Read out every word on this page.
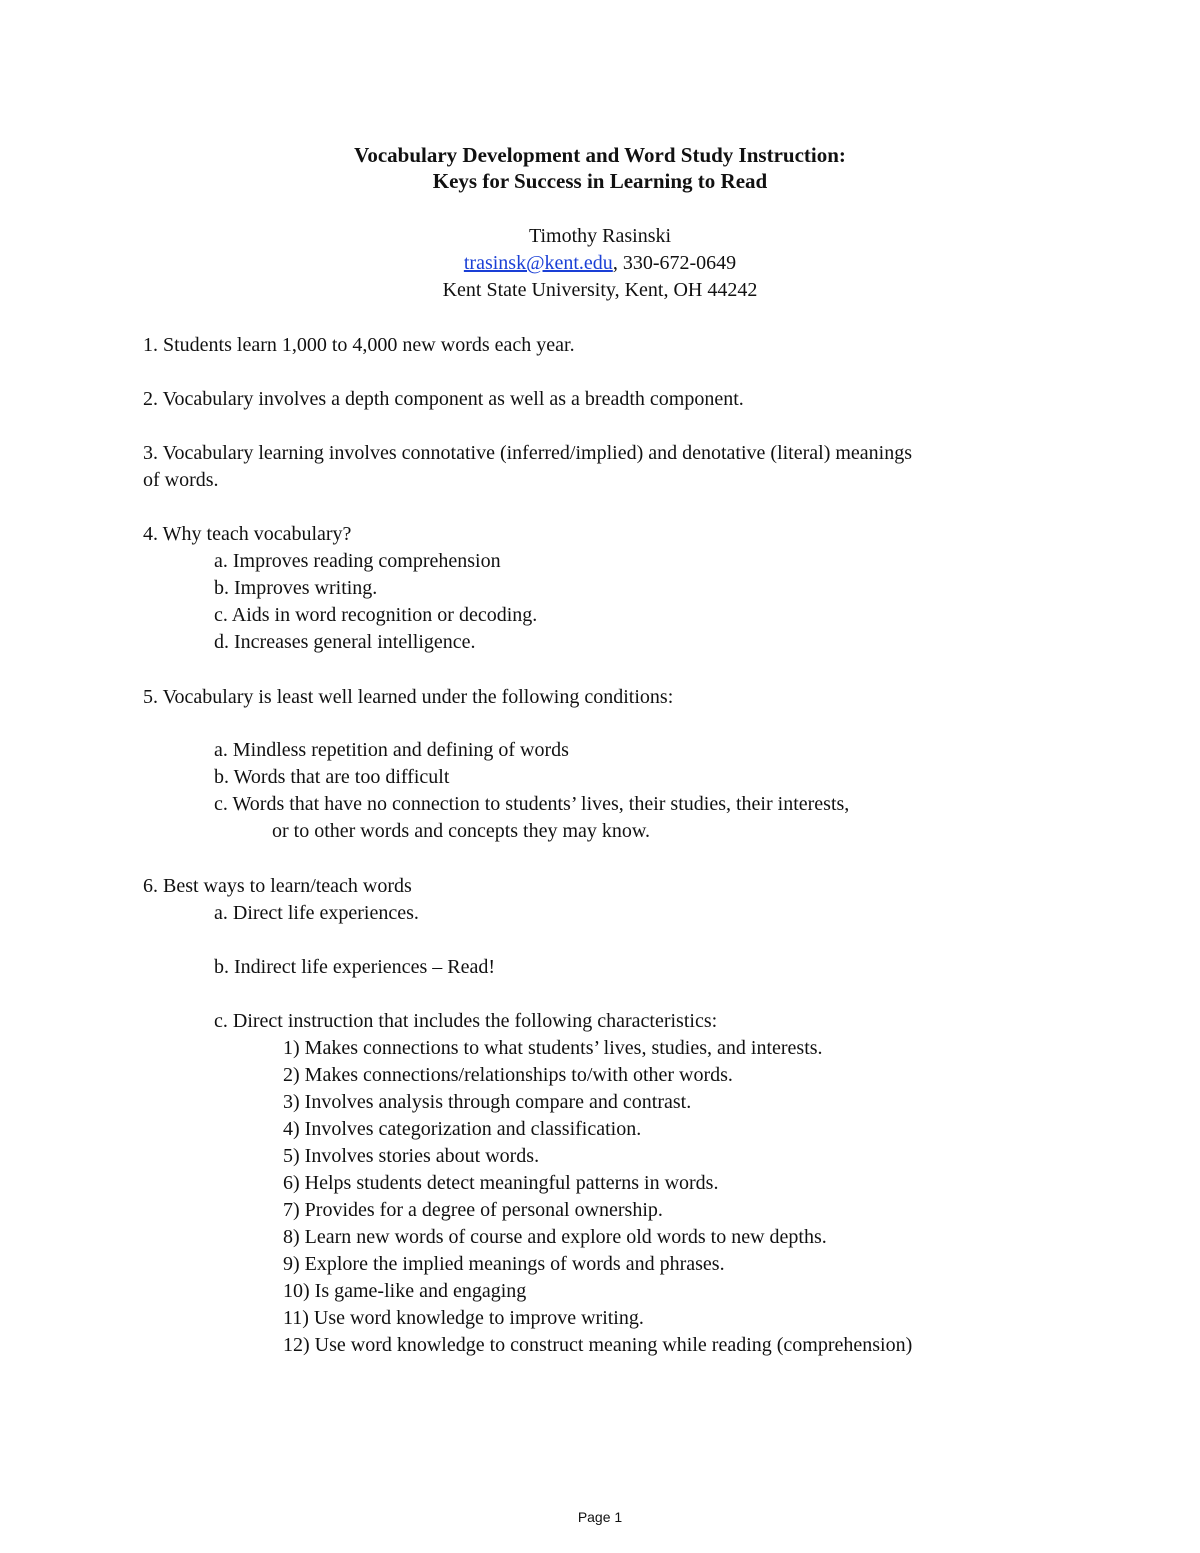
Vocabulary Development and Word Study Instruction:
Keys for Success in Learning to Read
Timothy Rasinski
trasinsk@kent.edu, 330-672-0649
Kent State University, Kent, OH 44242
1. Students learn 1,000 to 4,000 new words each year.
2. Vocabulary involves a depth component as well as a breadth component.
3. Vocabulary learning involves connotative (inferred/implied) and denotative (literal) meanings
of words.
4. Why teach vocabulary?
a. Improves reading comprehension
b. Improves writing.
c. Aids in word recognition or decoding.
d. Increases general intelligence.
5. Vocabulary is least well learned under the following conditions:
a. Mindless repetition and defining of words
b. Words that are too difficult
c. Words that have no connection to students’ lives, their studies, their interests,
or to other words and concepts they may know.
6. Best ways to learn/teach words
a. Direct life experiences.
b. Indirect life experiences – Read!
c. Direct instruction that includes the following characteristics:
1) Makes connections to what students’ lives, studies, and interests.
2) Makes connections/relationships to/with other words.
3) Involves analysis through compare and contrast.
4) Involves categorization and classification.
5) Involves stories about words.
6) Helps students detect meaningful patterns in words.
7) Provides for a degree of personal ownership.
8) Learn new words of course and explore old words to new depths.
9) Explore the implied meanings of words and phrases.
10) Is game-like and engaging
11) Use word knowledge to improve writing.
12) Use word knowledge to construct meaning while reading (comprehension)
Page 1
